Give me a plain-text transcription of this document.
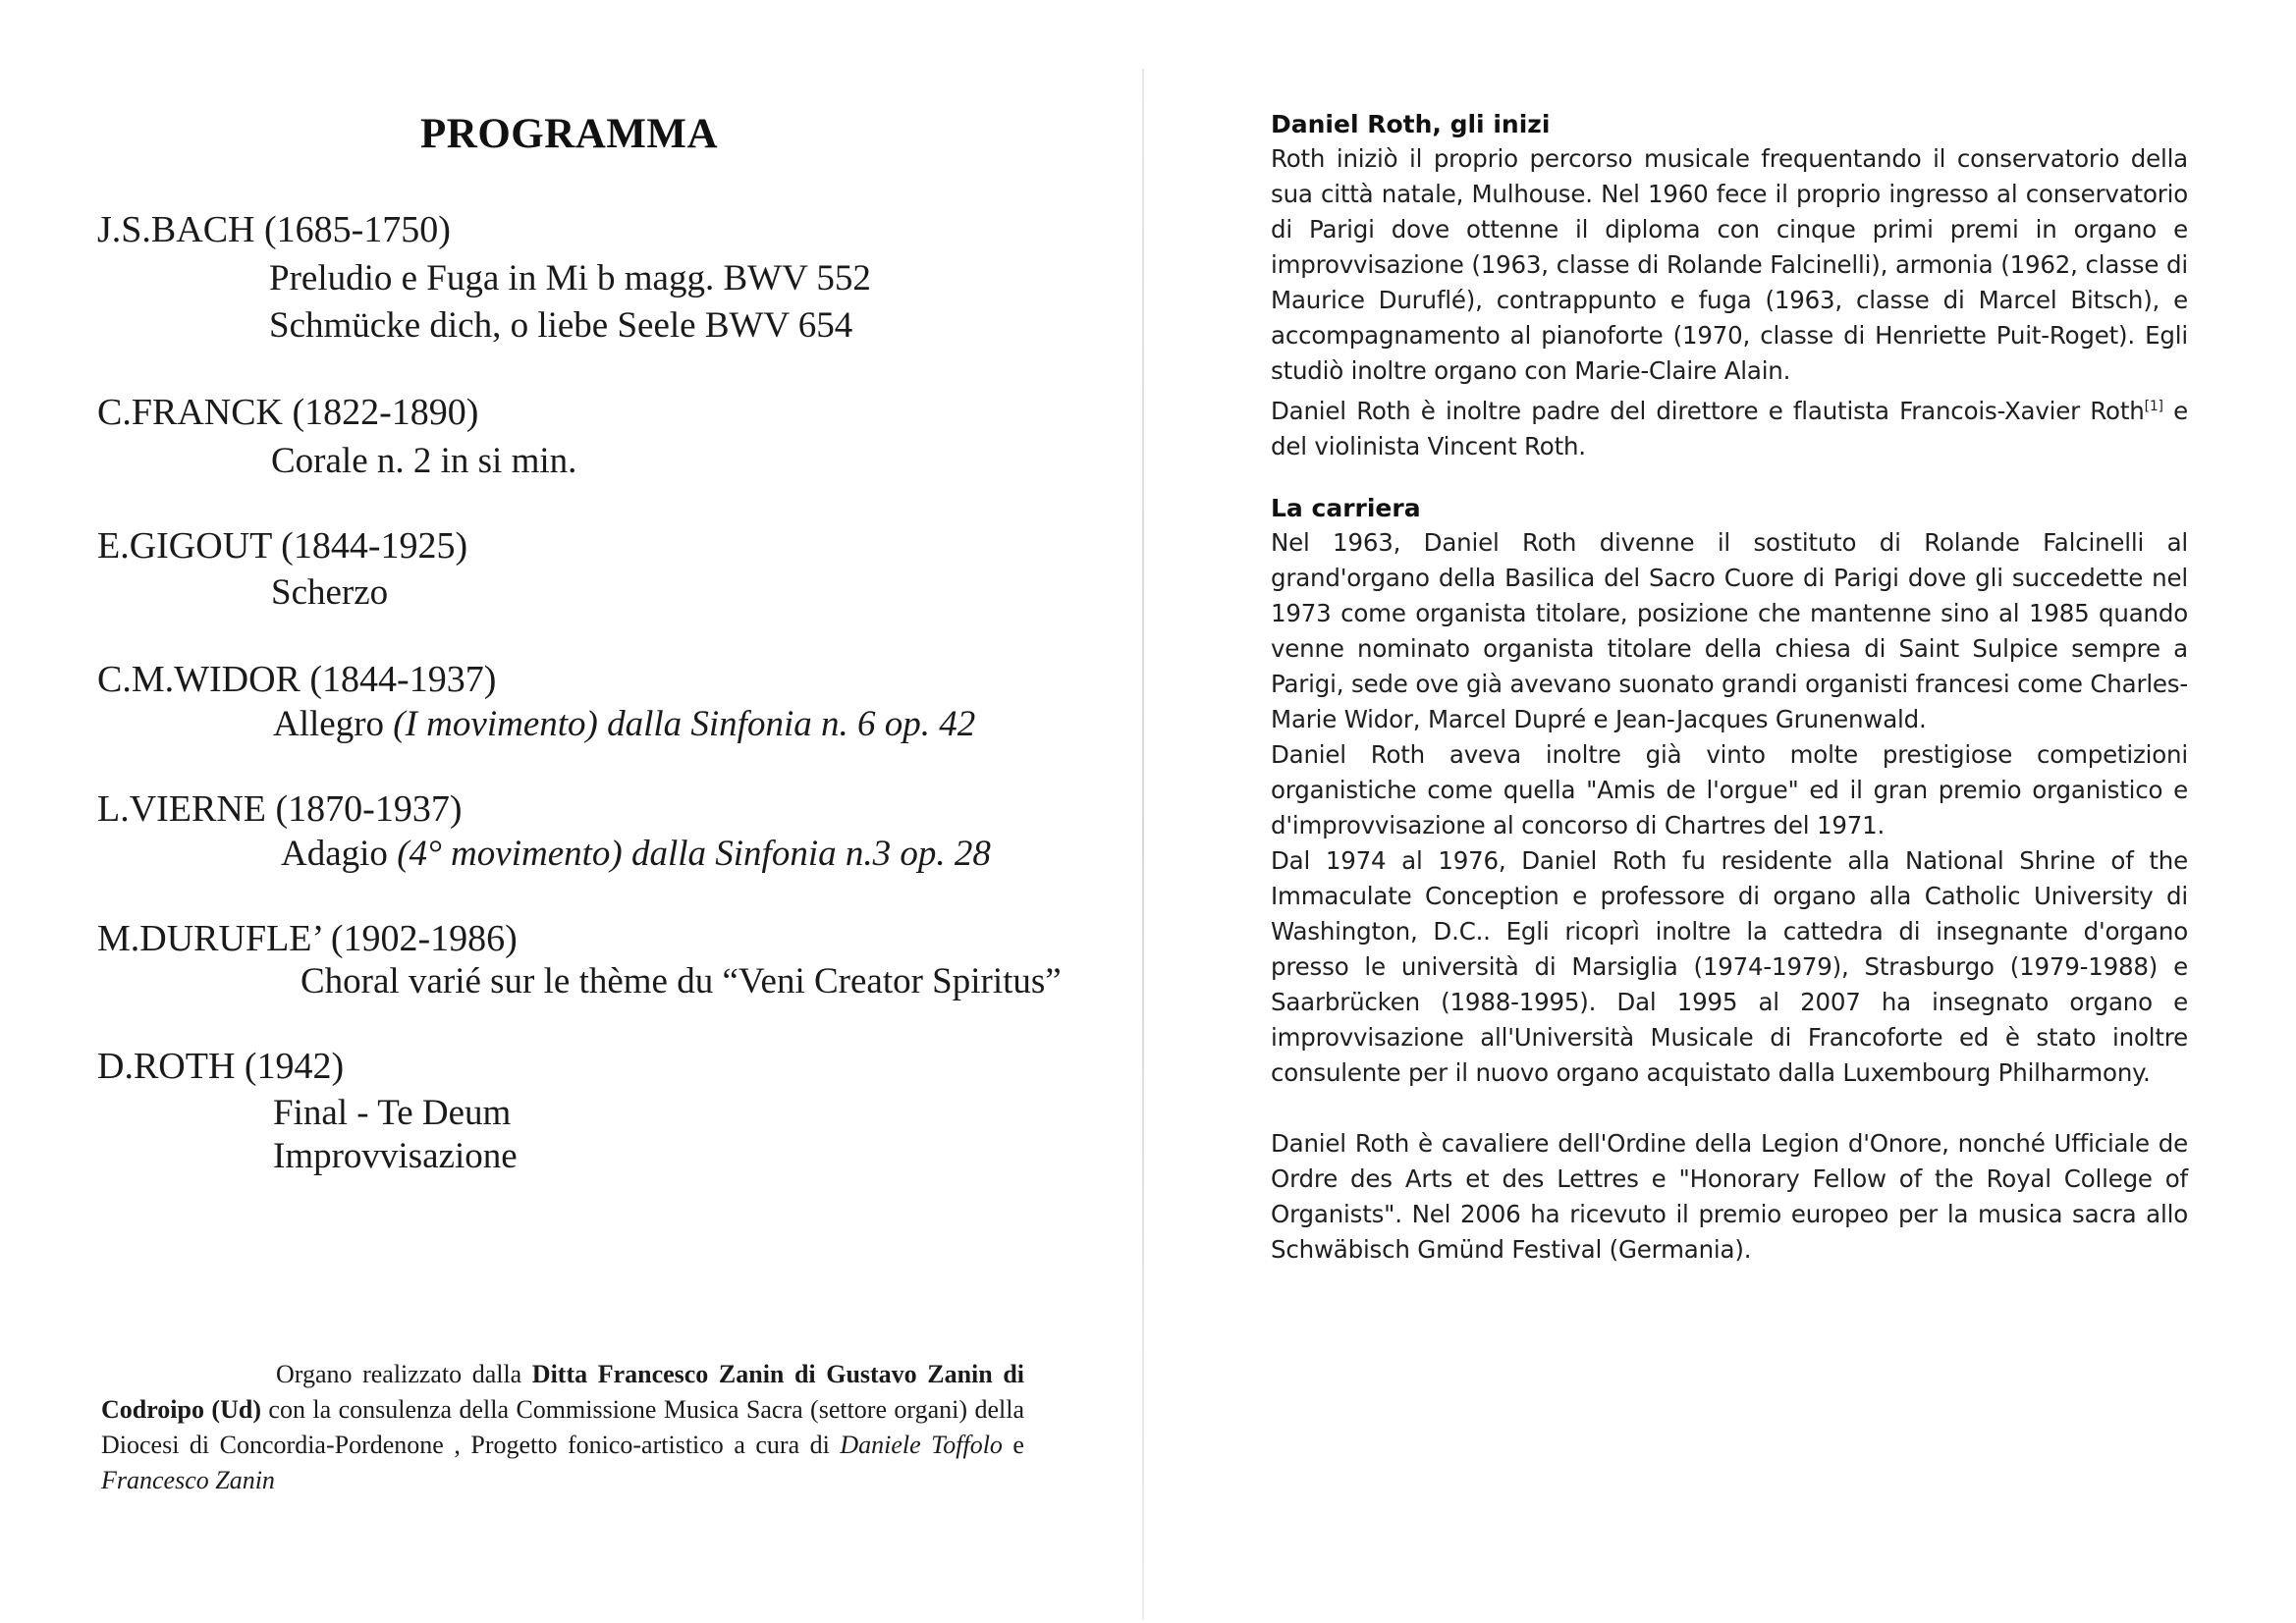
PROGRAMMA
J.S.BACH (1685-1750)
Preludio e Fuga in Mi b magg. BWV 552
Schmücke dich, o liebe Seele BWV 654
C.FRANCK (1822-1890)
Corale n. 2 in si min.
E.GIGOUT (1844-1925)
Scherzo
C.M.WIDOR (1844-1937)
Allegro (I movimento) dalla Sinfonia n. 6 op. 42
L.VIERNE (1870-1937)
Adagio (4° movimento) dalla Sinfonia n.3 op. 28
M.DURUFLE’ (1902-1986)
Choral varié sur le thème du “Veni Creator Spiritus”
D.ROTH (1942)
Final - Te Deum
Improvvisazione
Organo realizzato dalla Ditta Francesco Zanin di Gustavo Zanin di Codroipo (Ud) con la consulenza della Commissione Musica Sacra (settore organi) della Diocesi di Concordia-Pordenone , Progetto fonico-artistico a cura di Daniele Toffolo e Francesco Zanin
Daniel Roth, gli inizi

Roth iniziò il proprio percorso musicale frequentando il conservatorio della sua città natale, Mulhouse. Nel 1960 fece il proprio ingresso al conservatorio di Parigi dove ottenne il diploma con cinque primi premi in organo e improvvisazione (1963, classe di Rolande Falcinelli), armonia (1962, classe di Maurice Duruflé), contrappunto e fuga (1963, classe di Marcel Bitsch), e accompagnamento al pianoforte (1970, classe di Henriette Puit-Roget). Egli studiò inoltre organo con Marie-Claire Alain.

Daniel Roth è inoltre padre del direttore e flautista Francois-Xavier Roth[1] e del violinista Vincent Roth.

La carriera

Nel 1963, Daniel Roth divenne il sostituto di Rolande Falcinelli al grand'organo della Basilica del Sacro Cuore di Parigi dove gli succedette nel 1973 come organista titolare, posizione che mantenne sino al 1985 quando venne nominato organista titolare della chiesa di Saint Sulpice sempre a Parigi, sede ove già avevano suonato grandi organisti francesi come Charles-Marie Widor, Marcel Dupré e Jean-Jacques Grunenwald.

Daniel Roth aveva inoltre già vinto molte prestigiose competizioni organistiche come quella "Amis de l'orgue" ed il gran premio organistico e d'improvvisazione al concorso di Chartres del 1971.

Dal 1974 al 1976, Daniel Roth fu residente alla National Shrine of the Immaculate Conception e professore di organo alla Catholic University di Washington, D.C.. Egli ricoprì inoltre la cattedra di insegnante d'organo presso le università di Marsiglia (1974-1979), Strasburgo (1979-1988) e Saarbrücken (1988-1995). Dal 1995 al 2007 ha insegnato organo e improvvisazione all'Università Musicale di Francoforte ed è stato inoltre consulente per il nuovo organo acquistato dalla Luxembourg Philharmony.

Daniel Roth è cavaliere dell'Ordine della Legion d'Onore, nonché Ufficiale de Ordre des Arts et des Lettres e "Honorary Fellow of the Royal College of Organists". Nel 2006 ha ricevuto il premio europeo per la musica sacra allo Schwäbisch Gmünd Festival (Germania).
